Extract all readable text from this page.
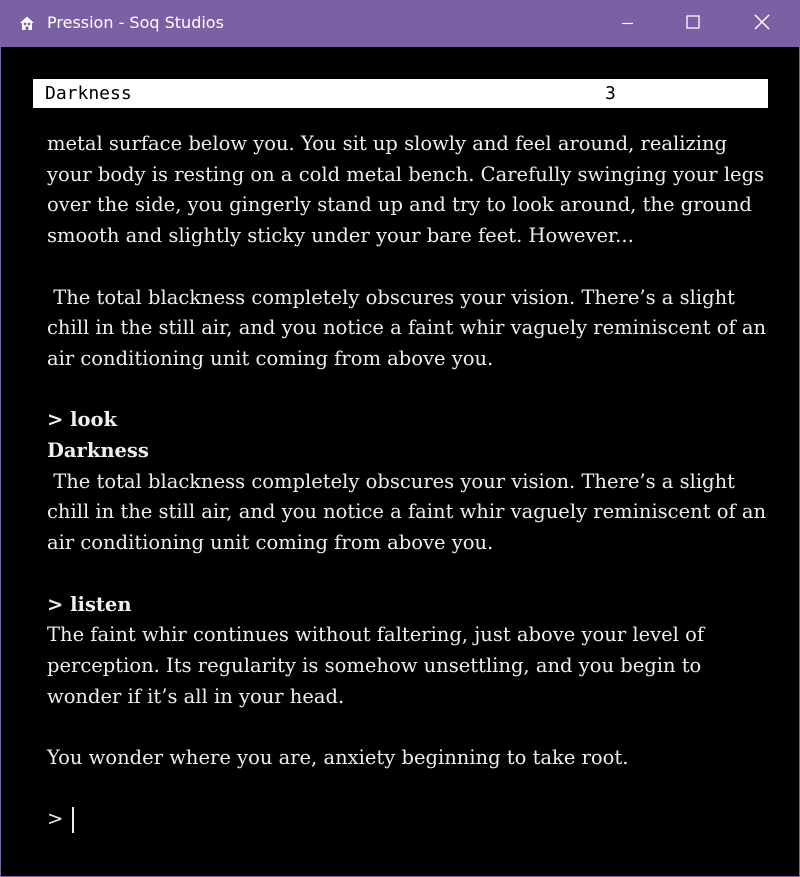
Pression - Soq Studios
Darkness	3

metal surface below you. You sit up slowly and feel around, realizing your body is resting on a cold metal bench. Carefully swinging your legs over the side, you gingerly stand up and try to look around, the ground smooth and slightly sticky under your bare feet. However...

The total blackness completely obscures your vision. There’s a slight chill in the still air, and you notice a faint whir vaguely reminiscent of an air conditioning unit coming from above you.

> look

Darkness

The total blackness completely obscures your vision. There’s a slight chill in the still air, and you notice a faint whir vaguely reminiscent of an air conditioning unit coming from above you.

> listen

The faint whir continues without faltering, just above your level of perception. Its regularity is somehow unsettling, and you begin to wonder if it’s all in your head.

You wonder where you are, anxiety beginning to take root.

>
